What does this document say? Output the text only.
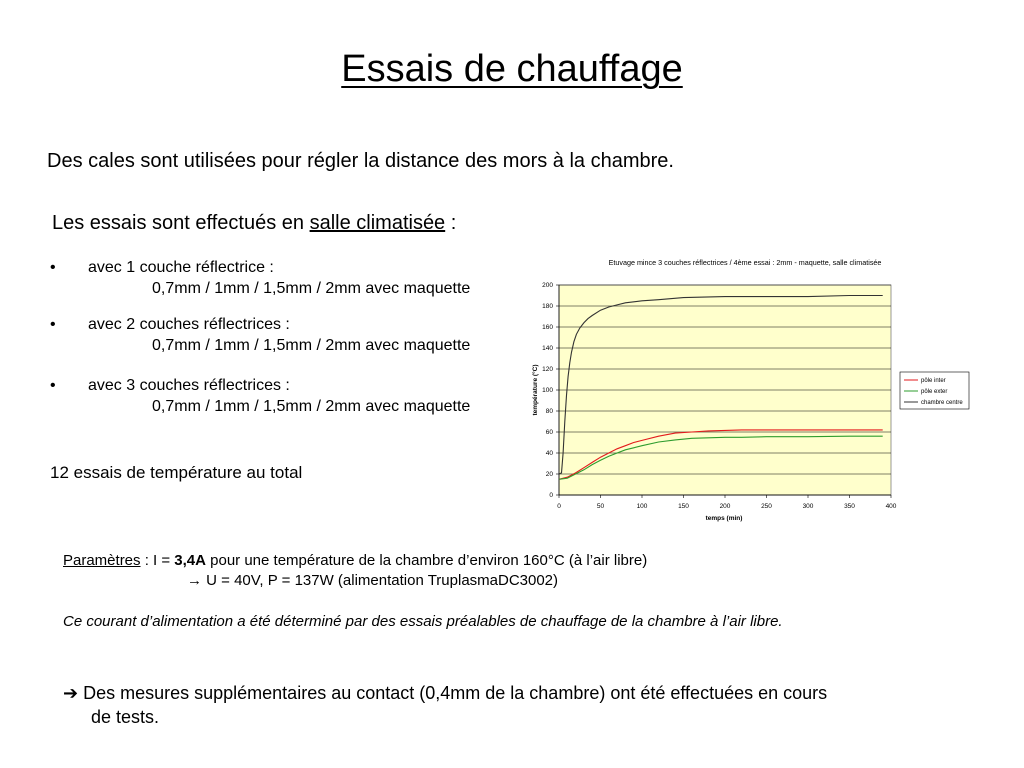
Essais de chauffage
Des cales sont utilisées pour régler la distance des mors à la chambre.
Les essais sont effectués en salle climatisée :
• avec 1 couche réflectrice :
0,7mm / 1mm / 1,5mm / 2mm avec maquette
• avec 2 couches réflectrices :
0,7mm / 1mm / 1,5mm / 2mm avec maquette
• avec 3 couches réflectrices :
0,7mm / 1mm / 1,5mm / 2mm avec maquette
12 essais de température au total
Paramètres : I = 3,4A pour une température de la chambre d’environ 160°C (à l’air libre)
→ U = 40V, P = 137W (alimentation TruplasmaDC3002)
Ce courant d’alimentation a été déterminé par des essais préalables de chauffage de la chambre à l’air libre.
➔ Des mesures supplémentaires au contact (0,4mm de la chambre) ont été effectuées en cours
de tests.
Etuvage mince 3 couches réflectrices / 4ème essai : 2mm - maquette, salle climatisée
0
20
40
60
80
100
120
140
160
180
200
0	50	100	150	200	250	300	350	400
temps (min)
température (°C)	pôle inter
pôle exter
chambre centre
